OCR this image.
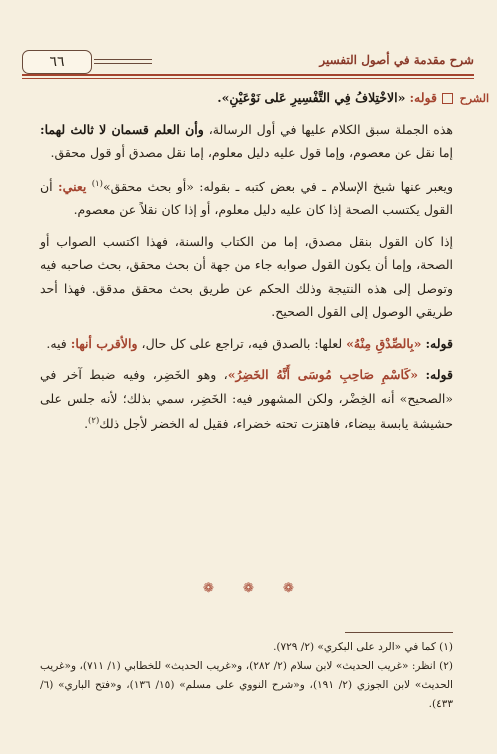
شرح مقدمة في أصول التفسير
٦٦
الشرح

قوله: «الاخْتِلافُ فِي التَّفْسِيرِ عَلى نَوْعَيْنِ».

هذه الجملة سبق الكلام عليها في أول الرسالة، وأن العلم قسمان لا ثالث لهما: إما نقل عن معصوم، وإما قول عليه دليل معلوم، إما نقل مصدق أو قول محقق.

ويعبر عنها شيخ الإسلام ـ في بعض كتبه ـ بقوله: «أو بحث محقق»$^{(١)}$ يعني: أن القول يكتسب الصحة إذا كان عليه دليل معلوم، أو إذا كان نقلاً عن معصوم.

إذا كان القول بنقل مصدق، إما من الكتاب والسنة، فهذا اكتسب الصواب أو الصحة، وإما أن يكون القول صوابه جاء من جهة أن بحث محقق، بحث صاحبه فيه وتوصل إلى هذه النتيجة وذلك الحكم عن طريق بحث محقق مدقق. فهذا أحد طريقي الوصول إلى القول الصحيح.

قوله: «بِالصِّدْقِ مِنْهُ» لعلها: بالصدق فيه، تراجع على كل حال، والأقرب أنها: فيه.

قوله: «كَاسْمِ صَاحِبِ مُوسَى أَنَّهُ الخَضِرُ»، وهو الخَضِر، وفيه ضبط آخر في «الصحيح» أنه الخِضْر، ولكن المشهور فيه: الخَضِر، سمي بذلك؛ لأنه جلس على حشيشة يابسة بيضاء، فاهتزت تحته خضراء، فقيل له الخضر لأجل ذلك$^{(٢)}$.

❁ ❁ ❁

(١) كما في «الرد على البكري» (٢/ ٧٢٩).

(٢) انظر: «غريب الحديث» لابن سلام (٢/ ٢٨٢)، و«غريب الحديث» للخطابي (١/ ٧١١)، و«غريب الحديث» لابن الجوزي (٢/ ١٩١)، و«شرح النووي على مسلم» (١٥/ ١٣٦)، و«فتح الباري» (٦/ ٤٣٣).
